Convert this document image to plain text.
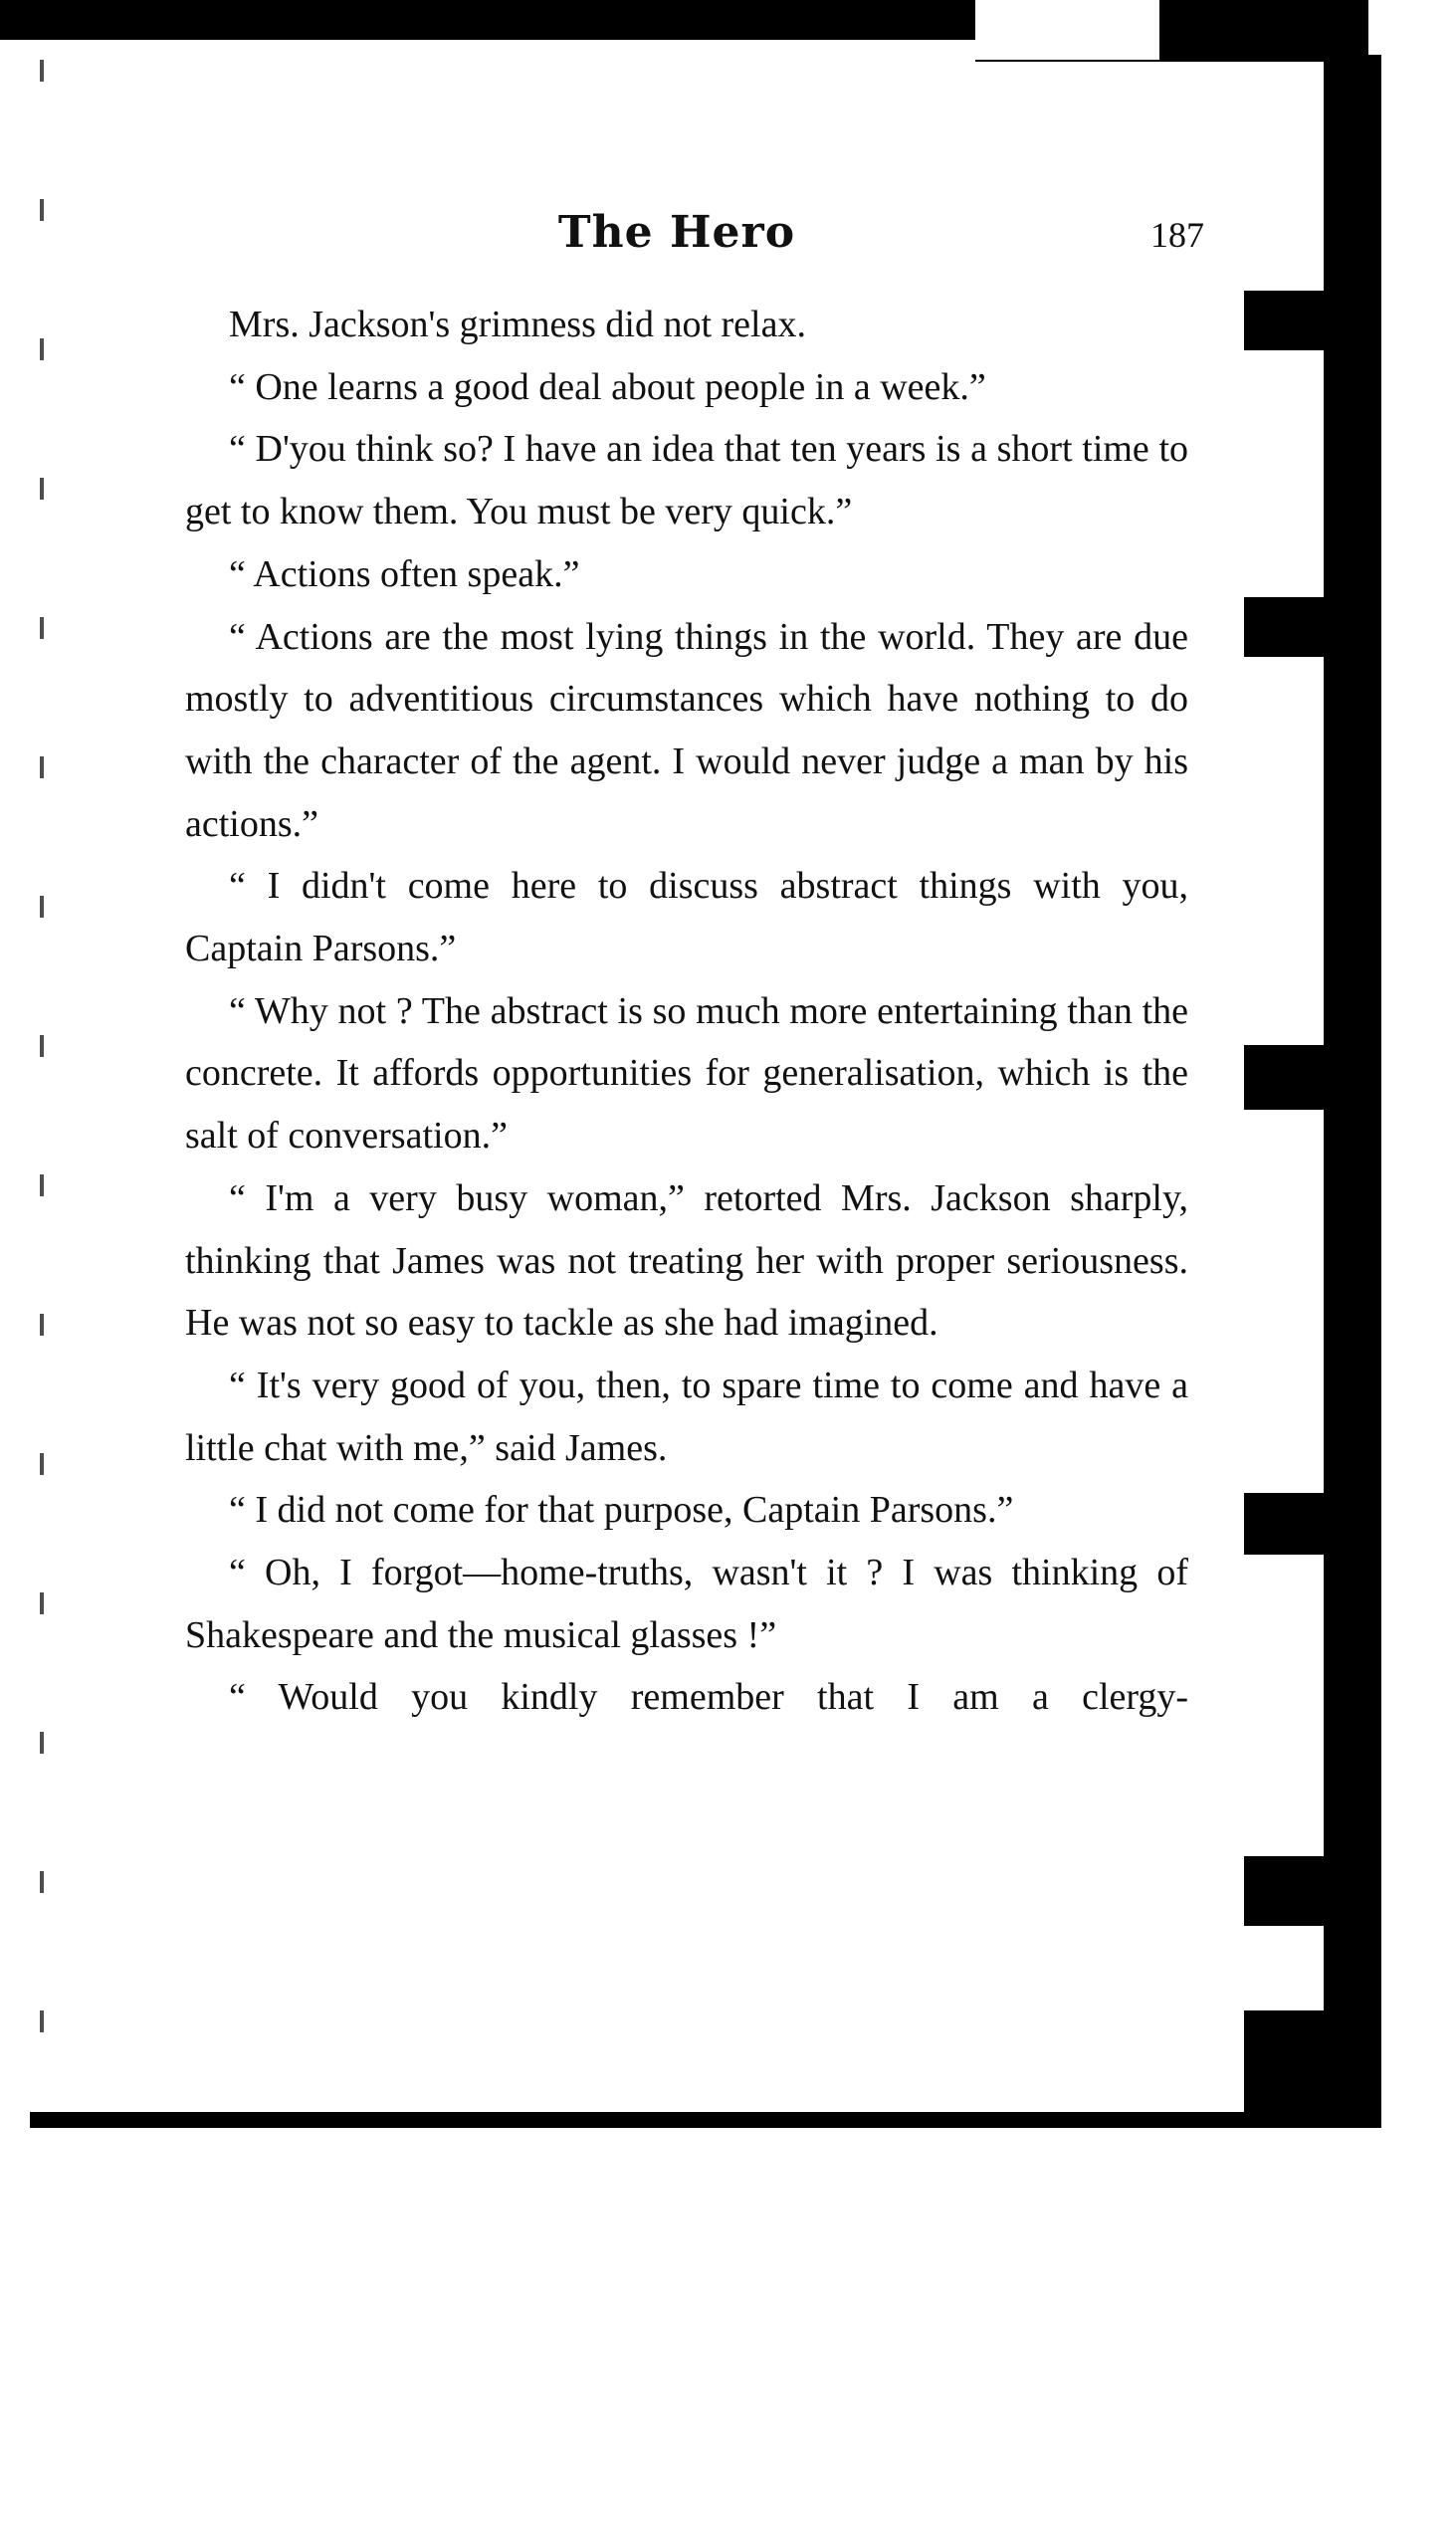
The Hero	187

Mrs. Jackson's grimness did not relax.

“ One learns a good deal about people in a week.”

“ D'you think so? I have an idea that ten years is a short time to get to know them. You must be very quick.”

“ Actions often speak.”

“ Actions are the most lying things in the world. They are due mostly to adventitious circumstances which have nothing to do with the character of the agent. I would never judge a man by his actions.”

“ I didn't come here to discuss abstract things with you, Captain Parsons.”

“ Why not ? The abstract is so much more entertaining than the concrete. It affords opportunities for generalisation, which is the salt of conversation.”

“ I'm a very busy woman,” retorted Mrs. Jackson sharply, thinking that James was not treating her with proper seriousness. He was not so easy to tackle as she had imagined.

“ It's very good of you, then, to spare time to come and have a little chat with me,” said James.

“ I did not come for that purpose, Captain Parsons.”

“ Oh, I forgot—home-truths, wasn't it ? I was thinking of Shakespeare and the musical glasses !”

“ Would you kindly remember that I am a clergy-
